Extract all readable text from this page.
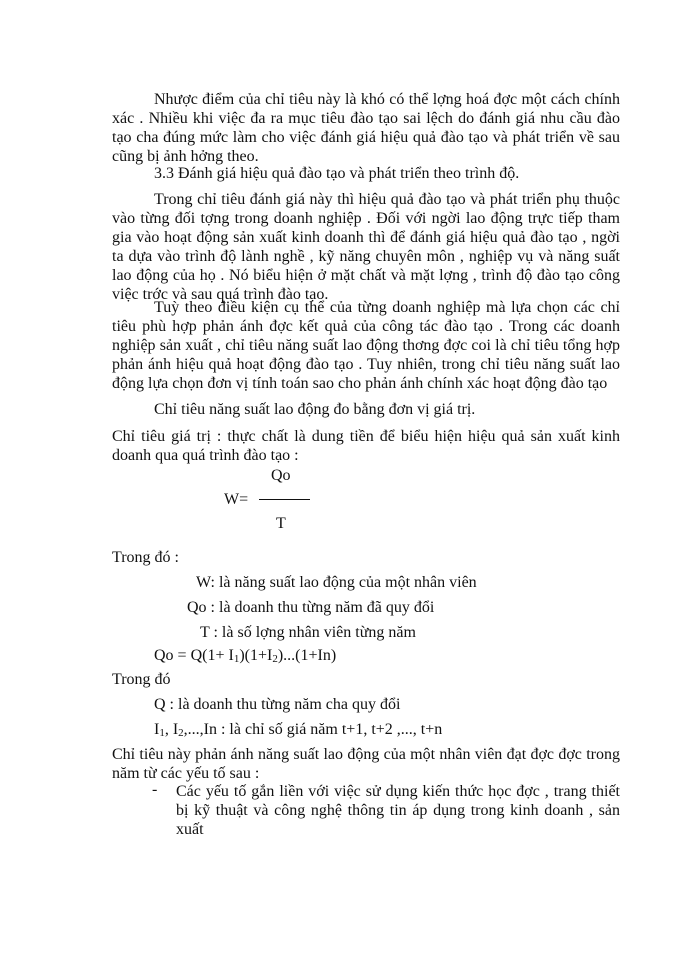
Nhược điểm của chỉ tiêu này là khó có thể lợng hoá đợc một cách chính xác . Nhiều khi việc đa ra mục tiêu đào tạo sai lệch do đánh giá nhu cầu đào tạo cha đúng mức làm cho việc đánh giá hiệu quả đào tạo và phát triển về sau cũng bị ảnh hởng theo.

3.3 Đánh giá hiệu quả đào tạo và phát triển theo trình độ.

Trong chỉ tiêu đánh giá này thì hiệu quả đào tạo và phát triển phụ thuộc vào từng đối tợng trong doanh nghiệp . Đối với ngời lao động trực tiếp tham gia vào hoạt động sản xuất kinh doanh thì để đánh giá hiệu quả đào tạo , ngời ta dựa vào trình độ lành nghề , kỹ năng chuyên môn , nghiệp vụ và năng suất lao động của họ . Nó biểu hiện ở mặt chất và mặt lợng , trình độ đào tạo công việc trớc và sau quá trình đào tạo.

Tuỳ theo điều kiện cụ thể của từng doanh nghiệp mà lựa chọn các chỉ tiêu phù hợp phản ánh đợc kết quả của công tác đào tạo . Trong các doanh nghiệp sản xuất , chỉ tiêu năng suất lao động thơng đợc coi là chỉ tiêu tổng hợp phản ánh hiệu quả hoạt động đào tạo . Tuy nhiên, trong chỉ tiêu năng suất lao động lựa chọn đơn vị tính toán sao cho phản ánh chính xác hoạt động đào tạo

Chỉ tiêu năng suất lao động đo bằng đơn vị giá trị.

Chỉ tiêu giá trị : thực chất là dung tiền để biểu hiện hiệu quả sản xuất kinh doanh qua quá trình đào tạo :

W=
Qo
T

Trong đó :

W: là năng suất lao động của một nhân viên

Qo : là doanh thu từng năm đã quy đổi

T : là số lợng nhân viên từng năm

$Qo = Q(1+ I_1)(1+I_2)...(1+In)$

Trong đó

Q : là doanh thu từng năm cha quy đổi

$I_1$, $I_2,...,In$ : là chỉ số giá năm t+1, t+2 ,..., t+n

Chỉ tiêu này phản ánh năng suất lao động của một nhân viên đạt đợc đợc trong năm từ các yếu tố sau :

- Các yếu tố gắn liền với việc sử dụng kiến thức học đợc , trang thiết bị kỹ thuật và công nghệ thông tin áp dụng trong kinh doanh , sản xuất
